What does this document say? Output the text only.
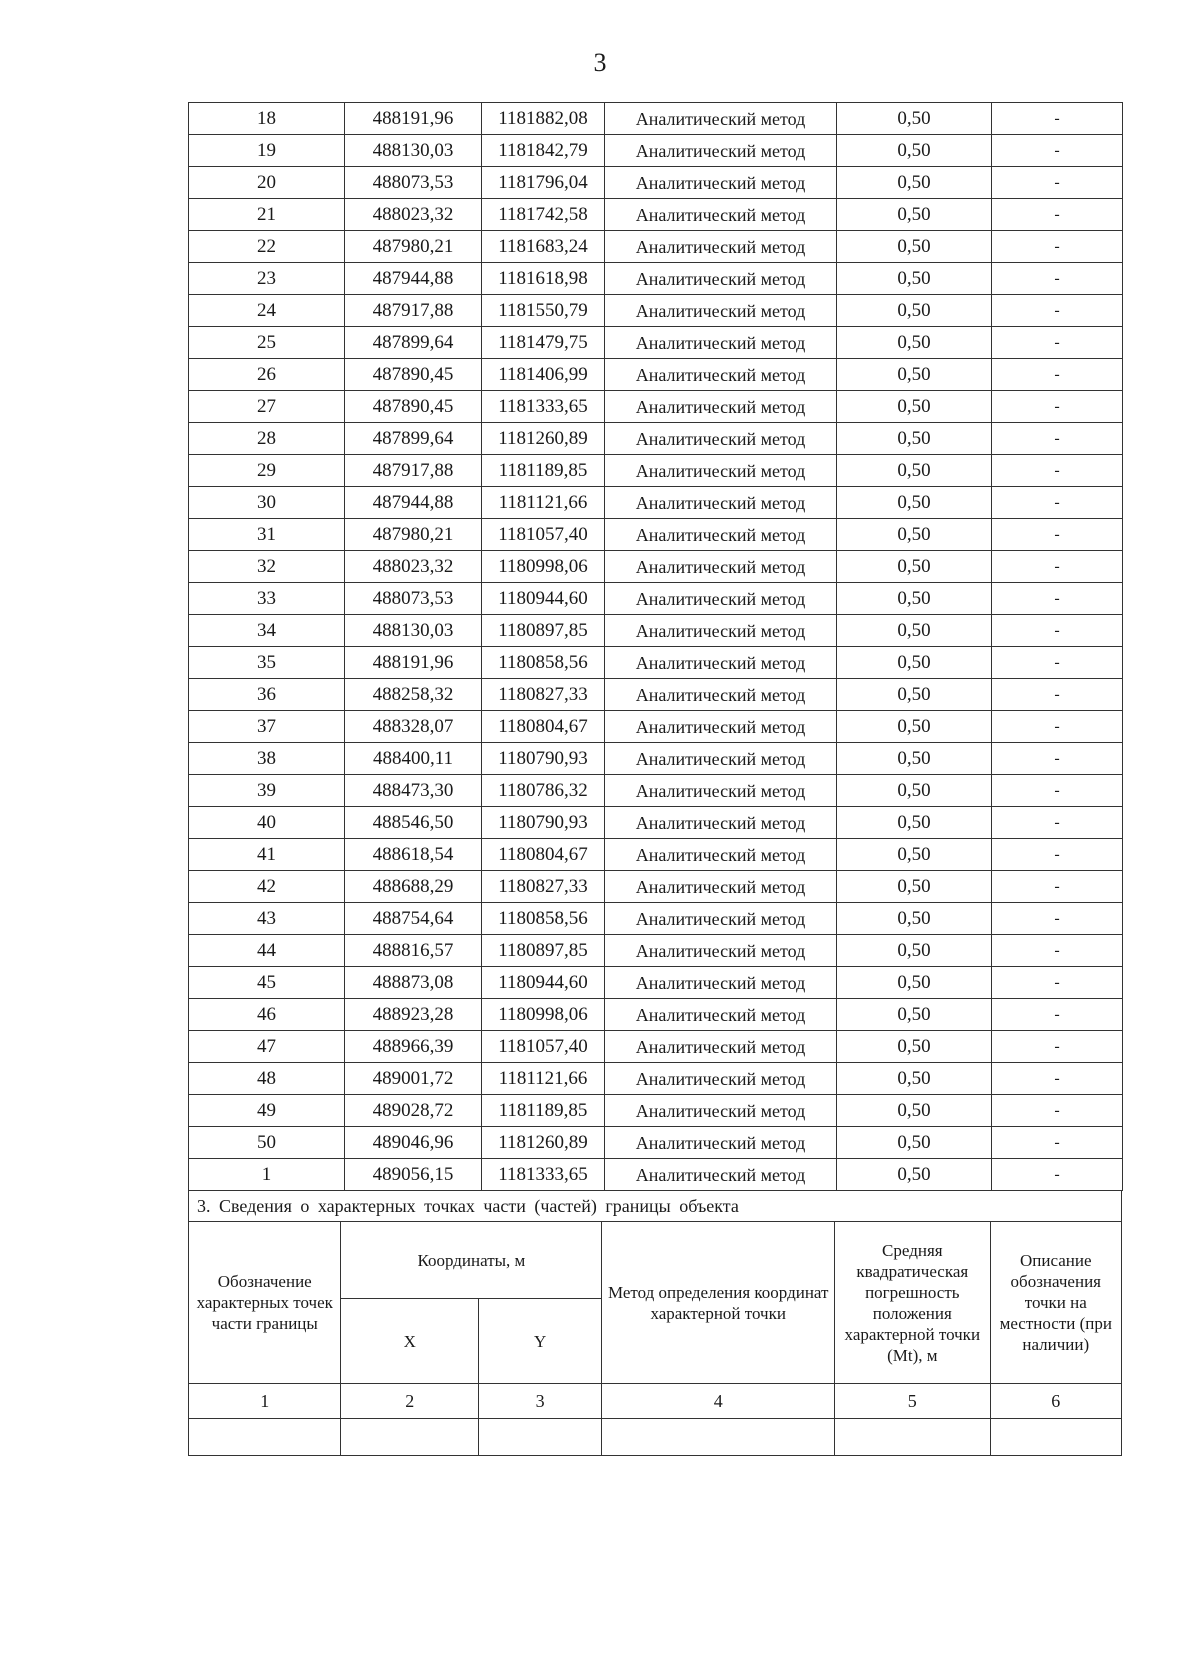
3
18	488191,96	1181882,08	Аналитический метод	0,50	-
19	488130,03	1181842,79	Аналитический метод	0,50	-
20	488073,53	1181796,04	Аналитический метод	0,50	-
21	488023,32	1181742,58	Аналитический метод	0,50	-
22	487980,21	1181683,24	Аналитический метод	0,50	-
23	487944,88	1181618,98	Аналитический метод	0,50	-
24	487917,88	1181550,79	Аналитический метод	0,50	-
25	487899,64	1181479,75	Аналитический метод	0,50	-
26	487890,45	1181406,99	Аналитический метод	0,50	-
27	487890,45	1181333,65	Аналитический метод	0,50	-
28	487899,64	1181260,89	Аналитический метод	0,50	-
29	487917,88	1181189,85	Аналитический метод	0,50	-
30	487944,88	1181121,66	Аналитический метод	0,50	-
31	487980,21	1181057,40	Аналитический метод	0,50	-
32	488023,32	1180998,06	Аналитический метод	0,50	-
33	488073,53	1180944,60	Аналитический метод	0,50	-
34	488130,03	1180897,85	Аналитический метод	0,50	-
35	488191,96	1180858,56	Аналитический метод	0,50	-
36	488258,32	1180827,33	Аналитический метод	0,50	-
37	488328,07	1180804,67	Аналитический метод	0,50	-
38	488400,11	1180790,93	Аналитический метод	0,50	-
39	488473,30	1180786,32	Аналитический метод	0,50	-
40	488546,50	1180790,93	Аналитический метод	0,50	-
41	488618,54	1180804,67	Аналитический метод	0,50	-
42	488688,29	1180827,33	Аналитический метод	0,50	-
43	488754,64	1180858,56	Аналитический метод	0,50	-
44	488816,57	1180897,85	Аналитический метод	0,50	-
45	488873,08	1180944,60	Аналитический метод	0,50	-
46	488923,28	1180998,06	Аналитический метод	0,50	-
47	488966,39	1181057,40	Аналитический метод	0,50	-
48	489001,72	1181121,66	Аналитический метод	0,50	-
49	489028,72	1181189,85	Аналитический метод	0,50	-
50	489046,96	1181260,89	Аналитический метод	0,50	-
1	489056,15	1181333,65	Аналитический метод	0,50	-
3. Сведения о характерных точках части (частей) границы объекта
Обозначение характерных точек части границы	Координаты, м		Метод определения координат характерной точки	Средняя квадратическая погрешность положения характерной точки (Mt), м	Описание обозначения точки на местности (при наличии)
	X	Y			
1	2	3	4	5	6
